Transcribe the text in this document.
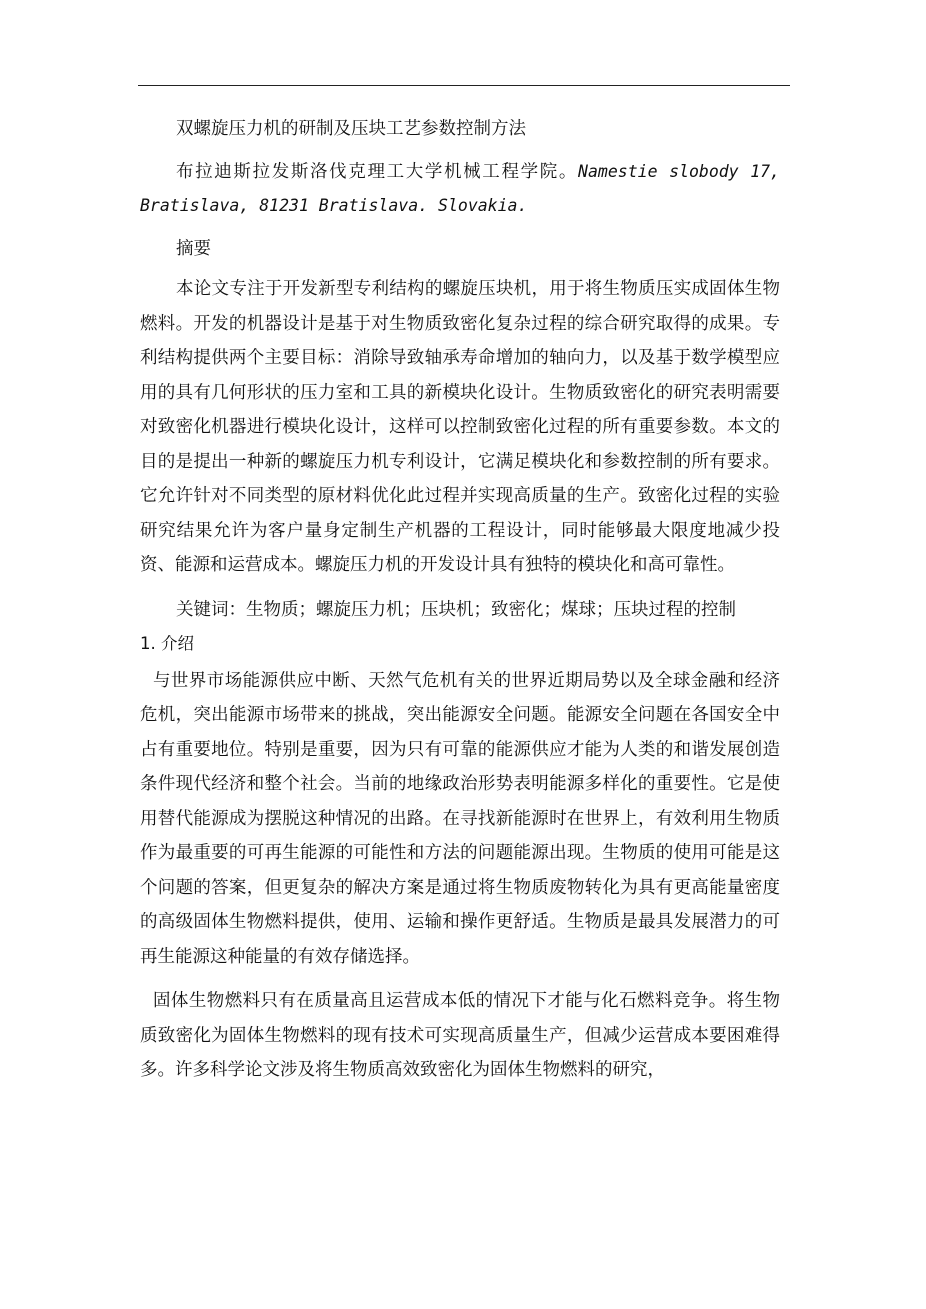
双螺旋压力机的研制及压块工艺参数控制方法

布拉迪斯拉发斯洛伐克理工大学机械工程学院。Namestie slobody 17, Bratislava, 81231 Bratislava. Slovakia.

摘要

本论文专注于开发新型专利结构的螺旋压块机，用于将生物质压实成固体生物燃料。开发的机器设计是基于对生物质致密化复杂过程的综合研究取得的成果。专利结构提供两个主要目标：消除导致轴承寿命增加的轴向力，以及基于数学模型应用的具有几何形状的压力室和工具的新模块化设计。生物质致密化的研究表明需要对致密化机器进行模块化设计，这样可以控制致密化过程的所有重要参数。本文的目的是提出一种新的螺旋压力机专利设计，它满足模块化和参数控制的所有要求。它允许针对不同类型的原材料优化此过程并实现高质量的生产。致密化过程的实验研究结果允许为客户量身定制生产机器的工程设计，同时能够最大限度地减少投资、能源和运营成本。螺旋压力机的开发设计具有独特的模块化和高可靠性。

关键词：生物质；螺旋压力机；压块机；致密化；煤球；压块过程的控制

1. 介绍

与世界市场能源供应中断、天然气危机有关的世界近期局势以及全球金融和经济危机，突出能源市场带来的挑战，突出能源安全问题。能源安全问题在各国安全中占有重要地位。特别是重要，因为只有可靠的能源供应才能为人类的和谐发展创造条件现代经济和整个社会。当前的地缘政治形势表明能源多样化的重要性。它是使用替代能源成为摆脱这种情况的出路。在寻找新能源时在世界上，有效利用生物质作为最重要的可再生能源的可能性和方法的问题能源出现。生物质的使用可能是这个问题的答案，但更复杂的解决方案是通过将生物质废物转化为具有更高能量密度的高级固体生物燃料提供，使用、运输和操作更舒适。生物质是最具发展潜力的可再生能源这种能量的有效存储选择。

固体生物燃料只有在质量高且运营成本低的情况下才能与化石燃料竞争。将生物质致密化为固体生物燃料的现有技术可实现高质量生产，但减少运营成本要困难得多。许多科学论文涉及将生物质高效致密化为固体生物燃料的研究，
